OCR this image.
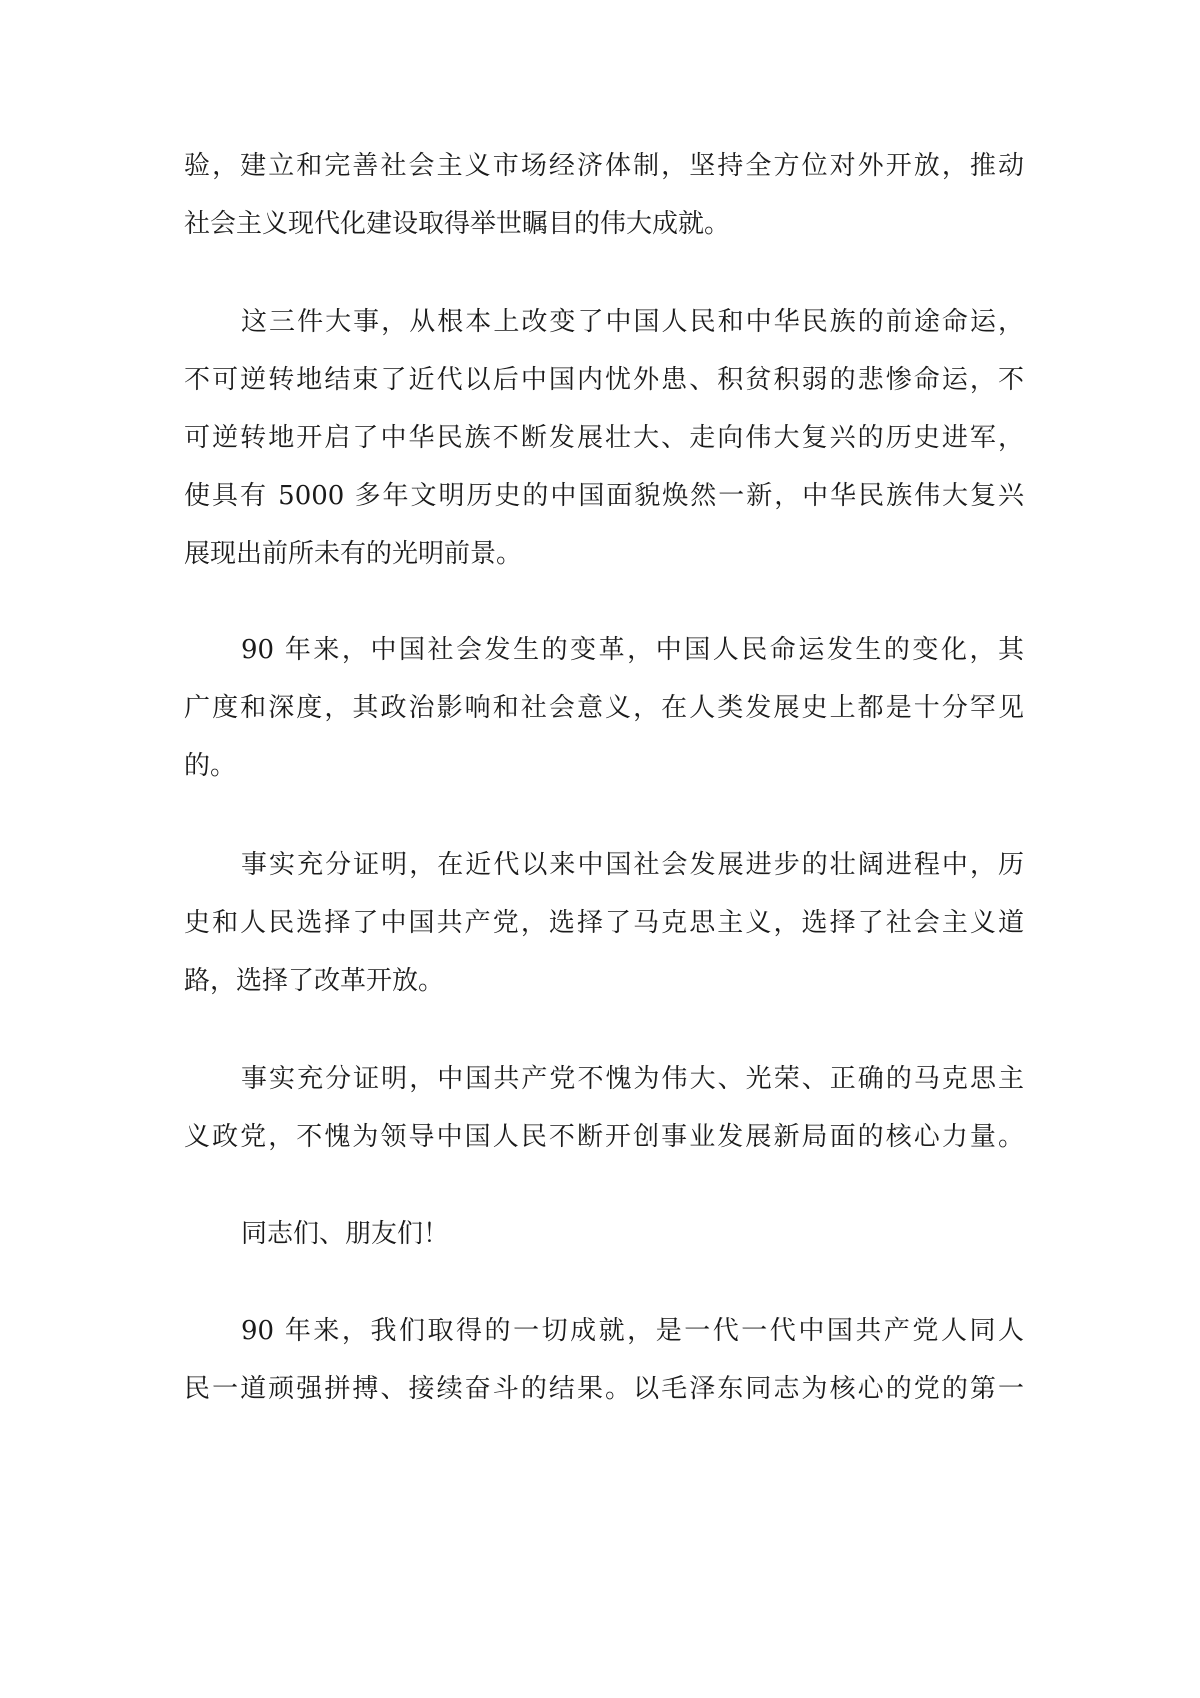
验，建立和完善社会主义市场经济体制，坚持全方位对外开放，推动
社会主义现代化建设取得举世瞩目的伟大成就。
这三件大事，从根本上改变了中国人民和中华民族的前途命运，
不可逆转地结束了近代以后中国内忧外患、积贫积弱的悲惨命运，不
可逆转地开启了中华民族不断发展壮大、走向伟大复兴的历史进军，
使具有 5000 多年文明历史的中国面貌焕然一新，中华民族伟大复兴
展现出前所未有的光明前景。
90 年来，中国社会发生的变革，中国人民命运发生的变化，其
广度和深度，其政治影响和社会意义，在人类发展史上都是十分罕见
的。
事实充分证明，在近代以来中国社会发展进步的壮阔进程中，历
史和人民选择了中国共产党，选择了马克思主义，选择了社会主义道
路，选择了改革开放。
事实充分证明，中国共产党不愧为伟大、光荣、正确的马克思主
义政党，不愧为领导中国人民不断开创事业发展新局面的核心力量。
同志们、朋友们！
90 年来，我们取得的一切成就，是一代一代中国共产党人同人
民一道顽强拼搏、接续奋斗的结果。以毛泽东同志为核心的党的第一
